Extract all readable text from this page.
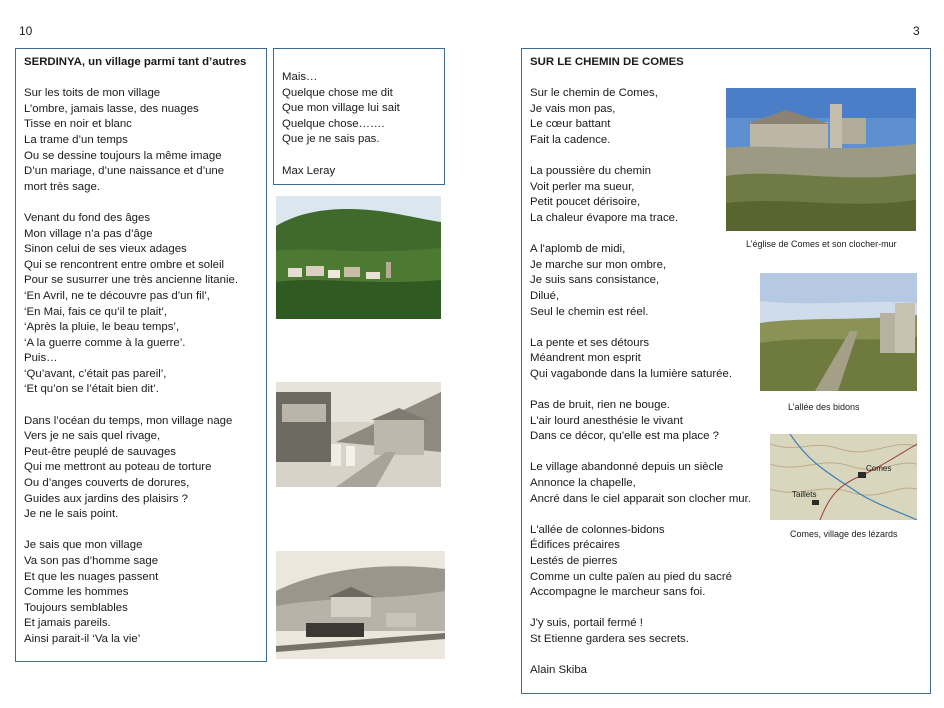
10	3
SERDINYA, un village parmi tant d’autres
Sur les toits de mon village
L’ombre, jamais lasse, des nuages
Tisse en noir et blanc
La trame d’un temps
Ou se dessine toujours la même image
D’un mariage, d’une naissance et d’une
mort très sage.
Venant du fond des âges
Mon village n’a pas d’âge
Sinon celui de ses vieux adages
Qui se rencontrent entre ombre et soleil
Pour se susurrer une très ancienne litanie.
‘En Avril, ne te découvre pas d’un fil’,
‘En Mai, fais ce qu’il te plait’,
‘Après la pluie, le beau temps’,
‘A la guerre comme à la guerre’.
Puis…
‘Qu’avant, c’était pas pareil’,
‘Et qu’on se l’était bien dit’.
Dans l’océan du temps, mon village nage
Vers je ne sais quel rivage,
Peut-être peuplé de sauvages
Qui me mettront au poteau de torture
Ou d’anges couverts de dorures,
Guides aux jardins des plaisirs ?
Je ne le sais point.
Je sais que mon village
Va son pas d’homme sage
Et que les nuages passent
Comme les hommes
Toujours semblables
Et jamais pareils.
Ainsi parait-il ‘Va la vie’
Mais…
Quelque chose me dit
Que mon village lui sait
Quelque chose…….
Que je ne sais pas.
Max Leray
SUR LE CHEMIN DE COMES
Sur le chemin de Comes,
Je vais mon pas,
Le cœur battant
Fait la cadence.
La poussière du chemin
Voit perler ma sueur,
Petit poucet dérisoire,
La chaleur évapore ma trace.
A l'aplomb de midi,
Je marche sur mon ombre,
Je suis sans consistance,
Dilué,
Seul le chemin est réel.
La pente et ses détours
Méandrent mon esprit
Qui vagabonde dans la lumière saturée.
Pas de bruit, rien ne bouge.
L'air lourd anesthésie le vivant
Dans ce décor, qu'elle est ma place ?
Le village abandonné depuis un siècle
Annonce la chapelle,
Ancré dans le ciel apparait son clocher mur.
L'allée de colonnes-bidons
Édifices précaires
Lestés de pierres
Comme un culte païen au pied du sacré
Accompagne le marcheur sans foi.
J'y suis, portail fermé !
St Etienne gardera ses secrets.
Alain Skiba
L’église de Comes et son clocher-mur
L’allée des bidons
Comes
Taillets
Comes, village des lézards
